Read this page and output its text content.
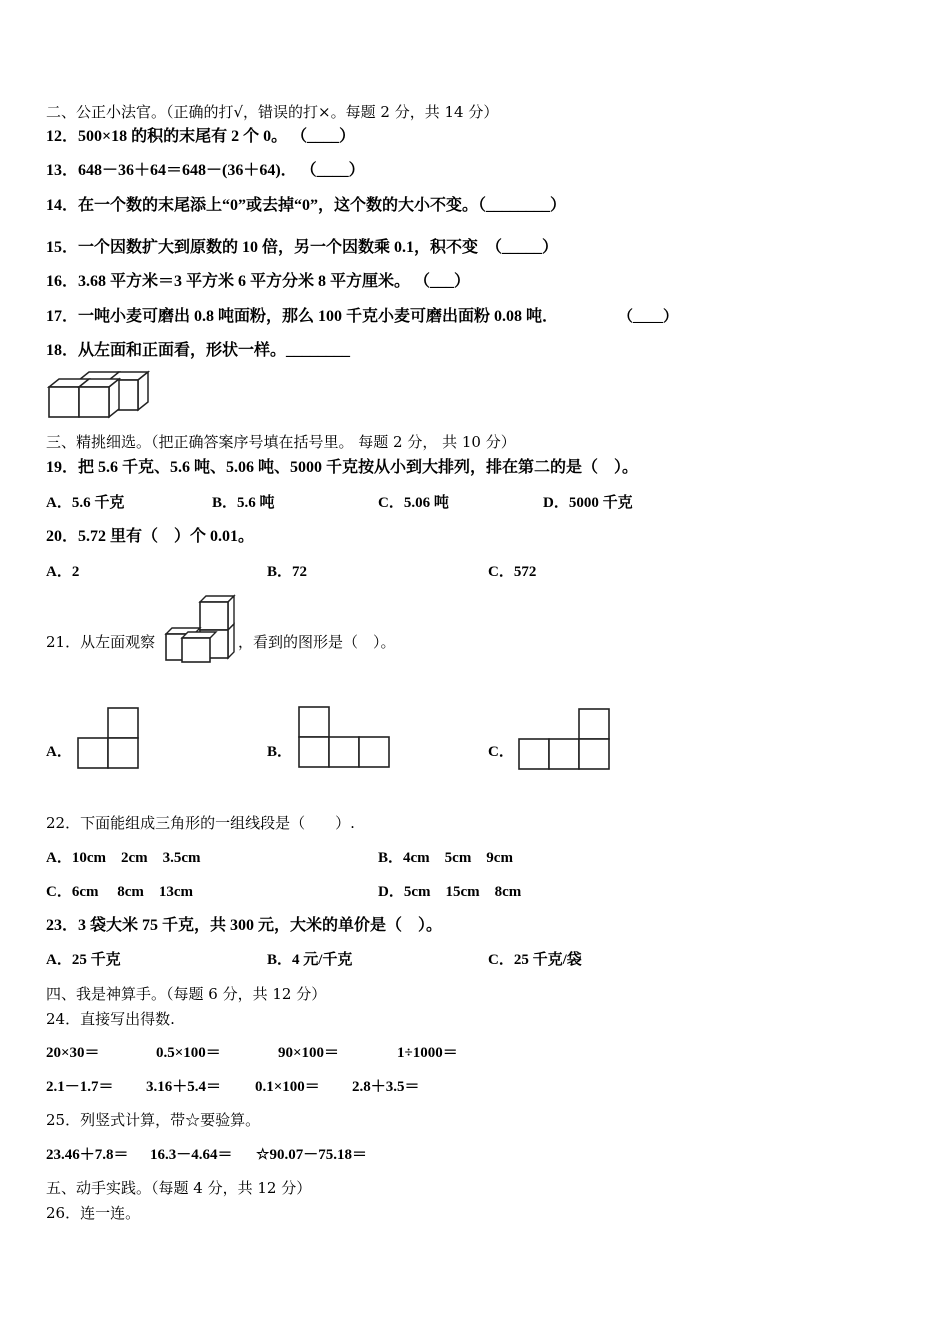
二、公正小法官。（正确的打√，错误的打×。每题 2 分，共 14 分）
12．500×18 的积的末尾有 2 个 0。 （____）
13．648－36＋64＝648－(36＋64)． （____）
14．在一个数的末尾添上“0”或去掉“0”，这个数的大小不变。（________）
15．一个因数扩大到原数的 10 倍，另一个因数乘 0.1，积不变　（_____）
16．3.68 平方米＝3 平方米 6 平方分米 8 平方厘米。 （___）
17．一吨小麦可磨出 0.8 吨面粉，那么 100 千克小麦可磨出面粉 0.08 吨．	（____）
18．从左面和正面看，形状一样。________
三、精挑细选。（把正确答案序号填在括号里。 每题 2 分， 共 10 分）
19．把 5.6 千克、5.6 吨、5.06 吨、5000 千克按从小到大排列，排在第二的是（　）。
A．5.6 千克	B．5.6 吨	C．5.06 吨	D．5000 千克
20．5.72 里有（　）个 0.01。
A．2	B．72	C．572
21．从左面观察	，看到的图形是（　）。
A．	B．	C．
22．下面能组成三角形的一组线段是（　　）.
A．10cm　2cm　3.5cm	B．4cm　5cm　9cm
C．6cm　 8cm　13cm	D．5cm　15cm　8cm
23．3 袋大米 75 千克，共 300 元，大米的单价是（　）。
A．25 千克	B．4 元/千克	C．25 千克/袋
四、我是神算手。（每题 6 分，共 12 分）
24．直接写出得数.
20×30＝	0.5×100＝	90×100＝	1÷1000＝
2.1－1.7＝ 3.16＋5.4＝ 0.1×100＝ 2.8＋3.5＝
25．列竖式计算，带☆要验算。
23.46＋7.8＝ 16.3－4.64＝ ☆90.07－75.18＝
五、动手实践。（每题 4 分，共 12 分）
26．连一连。
